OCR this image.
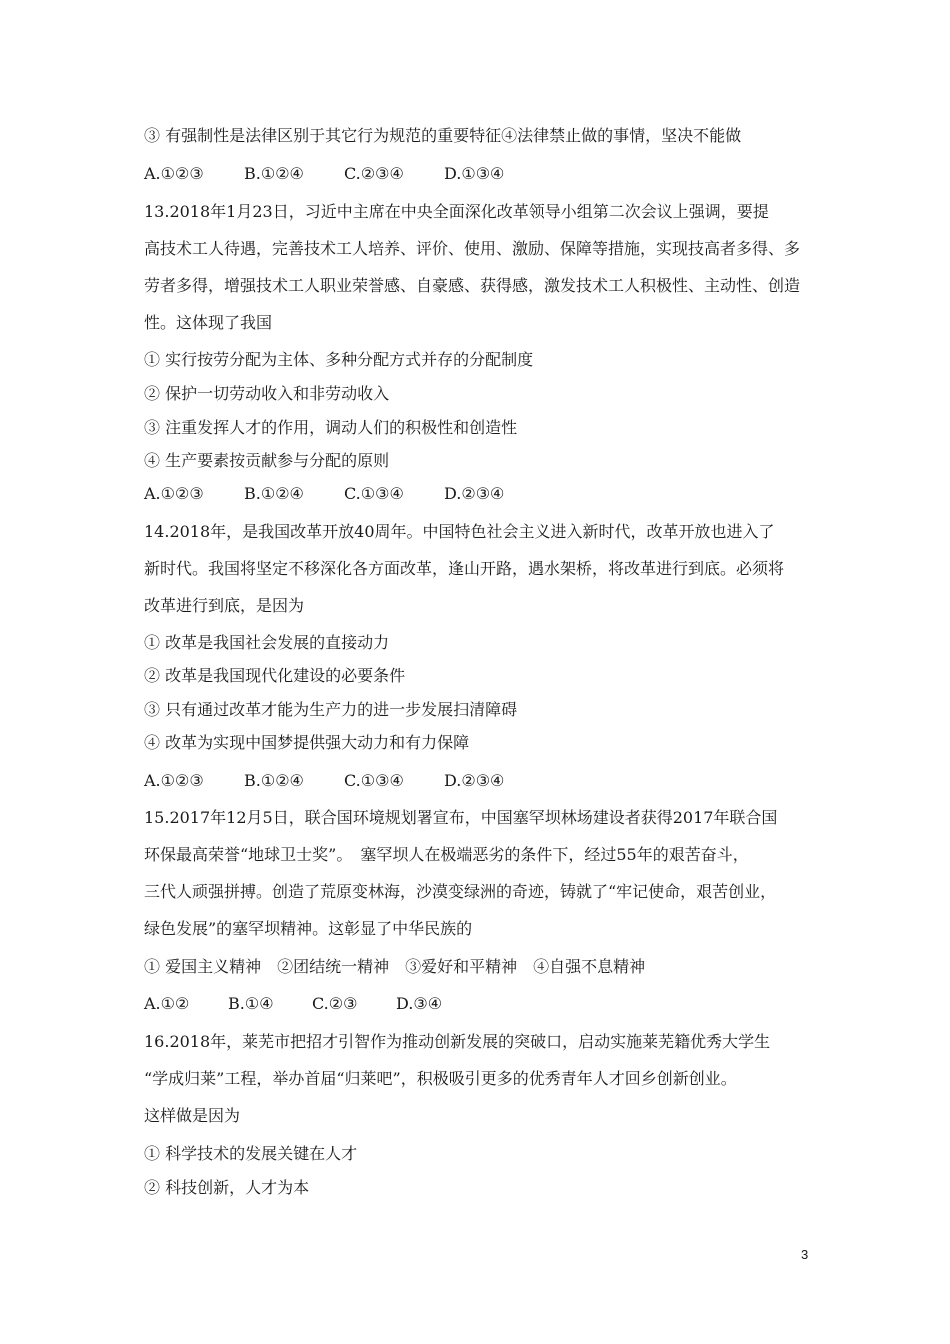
③ 有强制性是法律区别于其它行为规范的重要特征④法律禁止做的事情，坚决不能做
A.①②③	B.①②④	C.②③④	D.①③④
13.2018年1月23日，习近中主席在中央全面深化改革领导小组第二次会议上强调，要提
高技术工人待遇，完善技术工人培养、评价、使用、激励、保障等措施，实现技高者多得、多
劳者多得，增强技术工人职业荣誉感、自豪感、获得感，激发技术工人积极性、主动性、创造
性。这体现了我国
① 实行按劳分配为主体、多种分配方式并存的分配制度
② 保护一切劳动收入和非劳动收入
③ 注重发挥人才的作用，调动人们的积极性和创造性
④ 生产要素按贡献参与分配的原则
A.①②③	B.①②④	C.①③④	D.②③④
14.2018年，是我国改革开放40周年。中国特色社会主义进入新时代，改革开放也进入了
新时代。我国将坚定不移深化各方面改革，逢山开路，遇水架桥，将改革进行到底。必须将
改革进行到底，是因为
① 改革是我国社会发展的直接动力
② 改革是我国现代化建设的必要条件
③ 只有通过改革才能为生产力的进一步发展扫清障碍
④ 改革为实现中国梦提供强大动力和有力保障
A.①②③	B.①②④	C.①③④	D.②③④
15.2017年12月5日，联合国环境规划署宣布，中国塞罕坝林场建设者获得2017年联合国
环保最高荣誉“地球卫士奖”。　塞罕坝人在极端恶劣的条件下，经过55年的艰苦奋斗，
三代人顽强拼搏。创造了荒原变林海，沙漠变绿洲的奇迹，铸就了“牢记使命，艰苦创业，
绿色发展”的塞罕坝精神。这彰显了中华民族的
① 爱国主义精神　②团结统一精神　③爱好和平精神　④自强不息精神
A.①② B.①④ C.②③ D.③④
16.2018年，莱芜市把招才引智作为推动创新发展的突破口，启动实施莱芜籍优秀大学生
“学成归莱”工程，举办首届“归莱吧”，积极吸引更多的优秀青年人才回乡创新创业。
这样做是因为
① 科学技术的发展关键在人才
② 科技创新，人才为本
3
